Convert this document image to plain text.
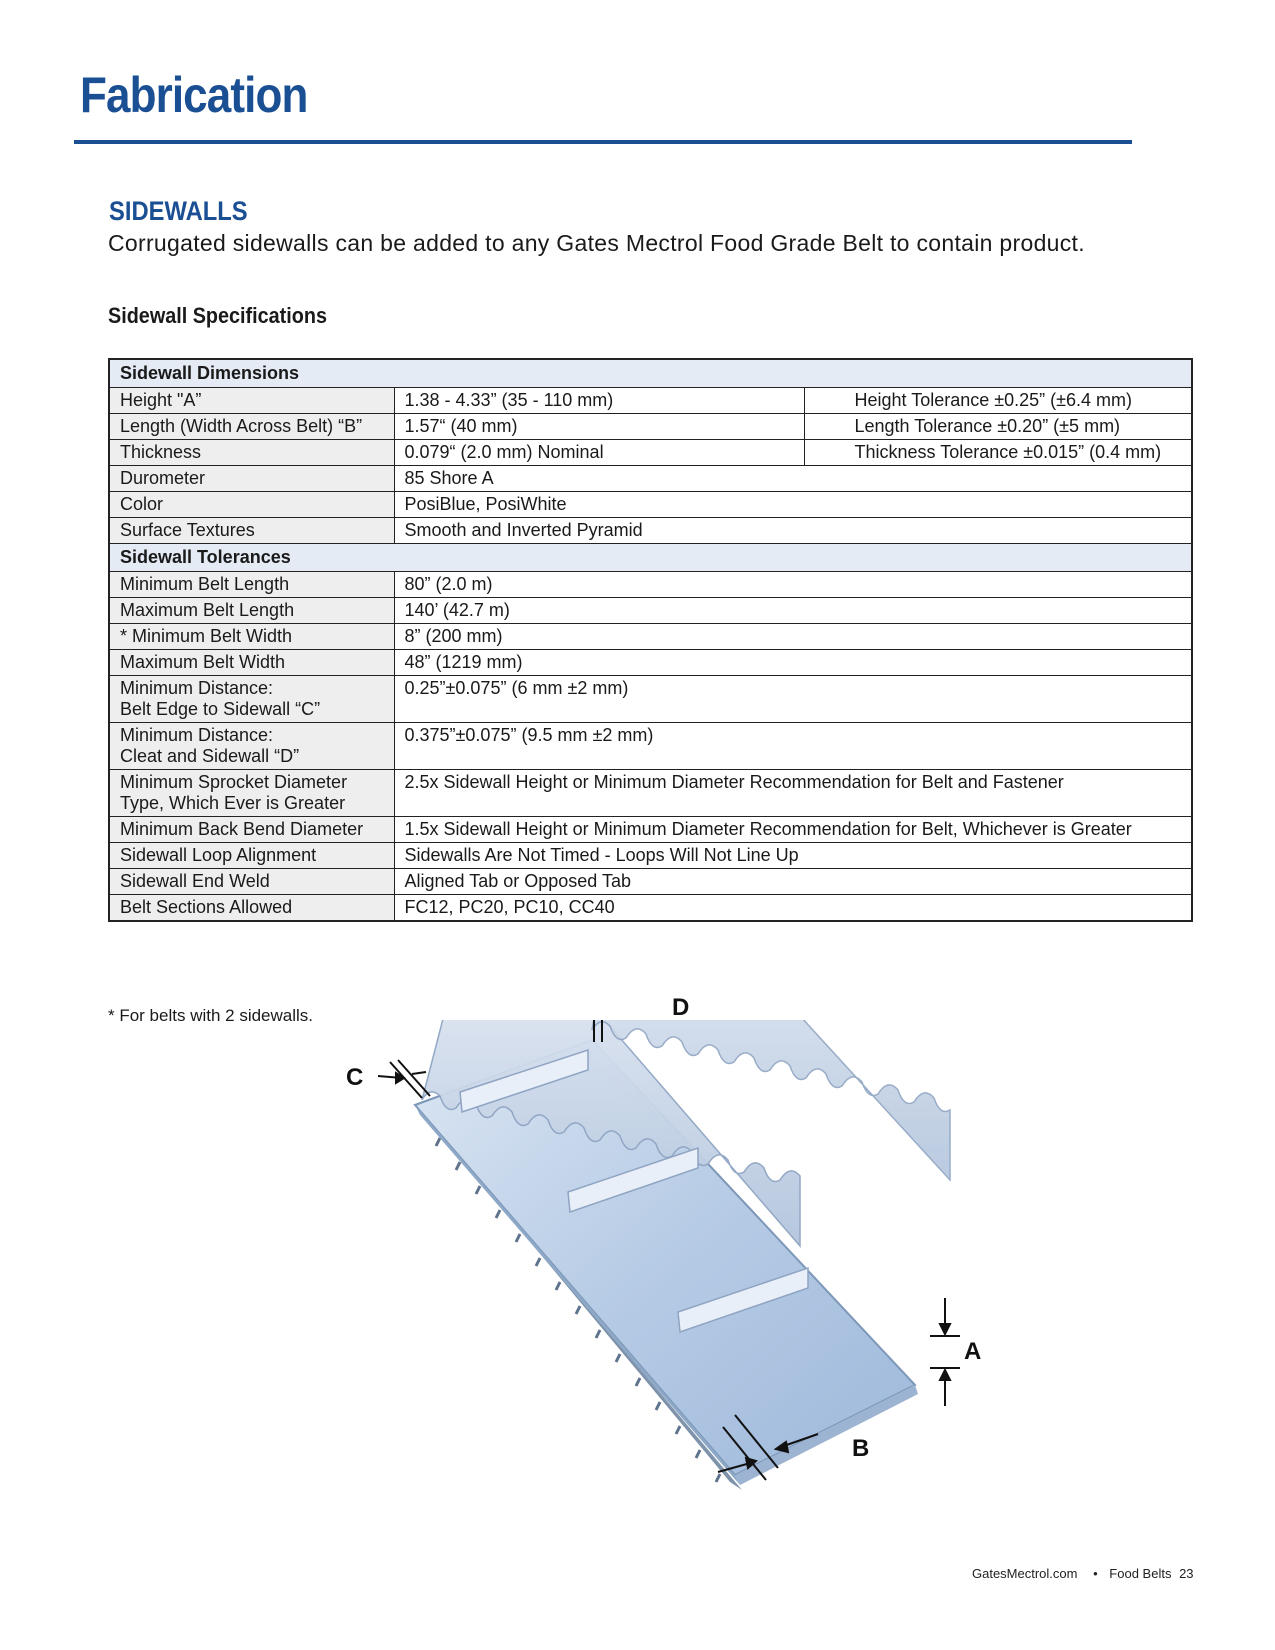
Fabrication
SIDEWALLS
Corrugated sidewalls can be added to any Gates Mectrol Food Grade Belt to contain product.
Sidewall Specifications
Sidewall Dimensions		
Height "A”	1.38 - 4.33” (35 - 110 mm)	Height Tolerance ±0.25” (±6.4 mm)
Length (Width Across Belt) “B”	1.57“ (40 mm)	Length Tolerance ±0.20” (±5 mm)
Thickness	0.079“ (2.0 mm) Nominal	Thickness Tolerance ±0.015” (0.4 mm)
Durometer	85 Shore A	
Color	PosiBlue, PosiWhite	
Surface Textures	Smooth and Inverted Pyramid	
Sidewall Tolerances		
Minimum Belt Length	80” (2.0 m)	
Maximum Belt Length	140’ (42.7 m)	
* Minimum Belt Width	8” (200 mm)	
Maximum Belt Width	48” (1219 mm)	

Minimum Distance:
Belt Edge to Sidewall “C”	0.25”±0.075” (6 mm ±2 mm)	

Minimum Distance:
Cleat and Sidewall “D”	0.375”±0.075” (9.5 mm ±2 mm)	

Minimum Sprocket Diameter
Type, Which Ever is Greater	2.5x Sidewall Height or Minimum Diameter Recommendation for Belt and Fastener	
Minimum Back Bend Diameter	1.5x Sidewall Height or Minimum Diameter Recommendation for Belt, Whichever is Greater	
Sidewall Loop Alignment	Sidewalls Are Not Timed - Loops Will Not Line Up	
Sidewall End Weld	Aligned Tab or Opposed Tab	
Belt Sections Allowed	FC12, PC20, PC10, CC40	
* For belts with 2 sidewalls.	D
C
A
B
GatesMectrol.com • Food Belts 23
